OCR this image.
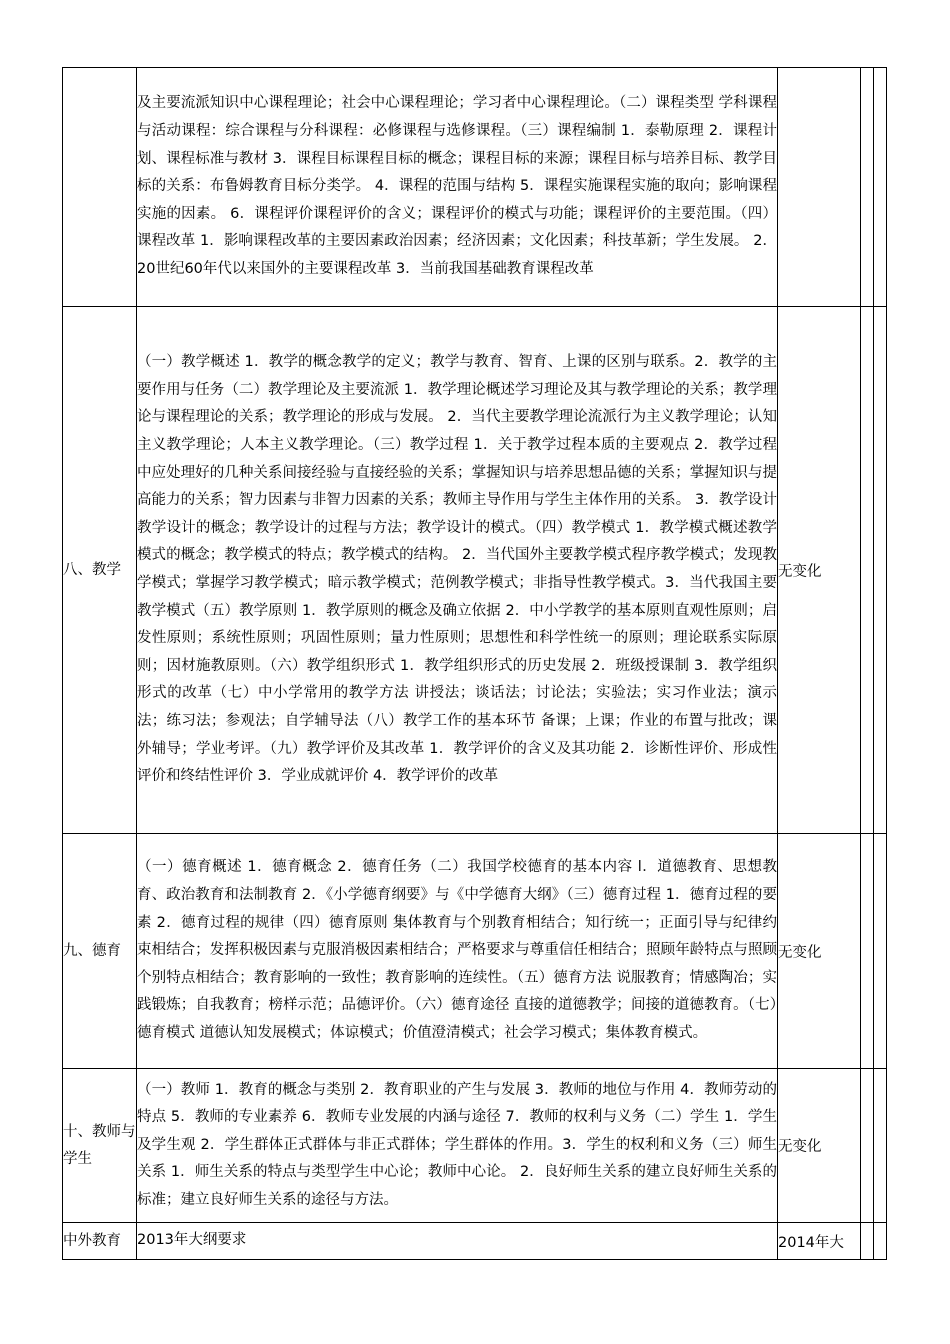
	及主要流派知识中心课程理论；社会中心课程理论；学习者中心课程理论。（二）课程类型 学科课程与活动课程：综合课程与分科课程：必修课程与选修课程。（三）课程编制 1．泰勒原理 2．课程计划、课程标准与教材 3．课程目标课程目标的概念；课程目标的来源；课程目标与培养目标、教学目标的关系：布鲁姆教育目标分类学。 4．课程的范围与结构 5．课程实施课程实施的取向；影响课程实施的因素。 6．课程评价课程评价的含义；课程评价的模式与功能；课程评价的主要范围。（四）课程改革 1．影响课程改革的主要因素政治因素；经济因素；文化因素；科技革新；学生发展。 2．20世纪60年代以来国外的主要课程改革 3．当前我国基础教育课程改革			
八、教学	（一）教学概述 1．教学的概念教学的定义；教学与教育、智育、上课的区别与联系。2．教学的主要作用与任务（二）教学理论及主要流派 1．教学理论概述学习理论及其与教学理论的关系；教学理论与课程理论的关系；教学理论的形成与发展。 2．当代主要教学理论流派行为主义教学理论；认知主义教学理论；人本主义教学理论。（三）教学过程 1．关于教学过程本质的主要观点 2．教学过程中应处理好的几种关系间接经验与直接经验的关系；掌握知识与培养思想品德的关系；掌握知识与提高能力的关系；智力因素与非智力因素的关系；教师主导作用与学生主体作用的关系。 3．教学设计教学设计的概念；教学设计的过程与方法；教学设计的模式。（四）教学模式 1．教学模式概述教学模式的概念；教学模式的特点；教学模式的结构。 2．当代国外主要教学模式程序教学模式；发现教学模式；掌握学习教学模式；暗示教学模式；范例教学模式；非指导性教学模式。3．当代我国主要教学模式（五）教学原则 1．教学原则的概念及确立依据 2．中小学教学的基本原则直观性原则；启发性原则；系统性原则；巩固性原则；量力性原则；思想性和科学性统一的原则；理论联系实际原则；因材施教原则。（六）教学组织形式 1．教学组织形式的历史发展 2．班级授课制 3．教学组织形式的改革（七）中小学常用的教学方法 讲授法；谈话法；讨论法；实验法；实习作业法；演示法；练习法；参观法；自学辅导法（八）教学工作的基本环节 备课；上课；作业的布置与批改；课外辅导；学业考评。（九）教学评价及其改革 1．教学评价的含义及其功能 2．诊断性评价、形成性评价和终结性评价 3．学业成就评价 4．教学评价的改革	无变化		
九、德育	（一）德育概述 1．德育概念 2．德育任务（二）我国学校德育的基本内容 l．道德教育、思想教育、政治教育和法制教育 2．《小学德育纲要》与《中学德育大纲》（三）德育过程 1．德育过程的要素 2．德育过程的规律（四）德育原则 集体教育与个别教育相结合；知行统一；正面引导与纪律约束相结合；发挥积极因素与克服消极因素相结合；严格要求与尊重信任相结合；照顾年龄特点与照顾个别特点相结合；教育影响的一致性；教育影响的连续性。（五）德育方法 说服教育；情感陶冶；实践锻炼；自我教育；榜样示范；品德评价。（六）德育途径 直接的道德教学；间接的道德教育。（七）德育模式 道德认知发展模式；体谅模式；价值澄清模式；社会学习模式；集体教育模式。	无变化		
十、教师与学生	（一）教师 1．教育的概念与类别 2．教育职业的产生与发展 3．教师的地位与作用 4．教师劳动的特点 5．教师的专业素养 6．教师专业发展的内涵与途径 7．教师的权利与义务（二）学生 1．学生及学生观 2．学生群体正式群体与非正式群体；学生群体的作用。3．学生的权利和义务（三）师生关系 1．师生关系的特点与类型学生中心论；教师中心论。 2．良好师生关系的建立良好师生关系的标准；建立良好师生关系的途径与方法。	无变化		
中外教育	2013年大纲要求	2014年大		
